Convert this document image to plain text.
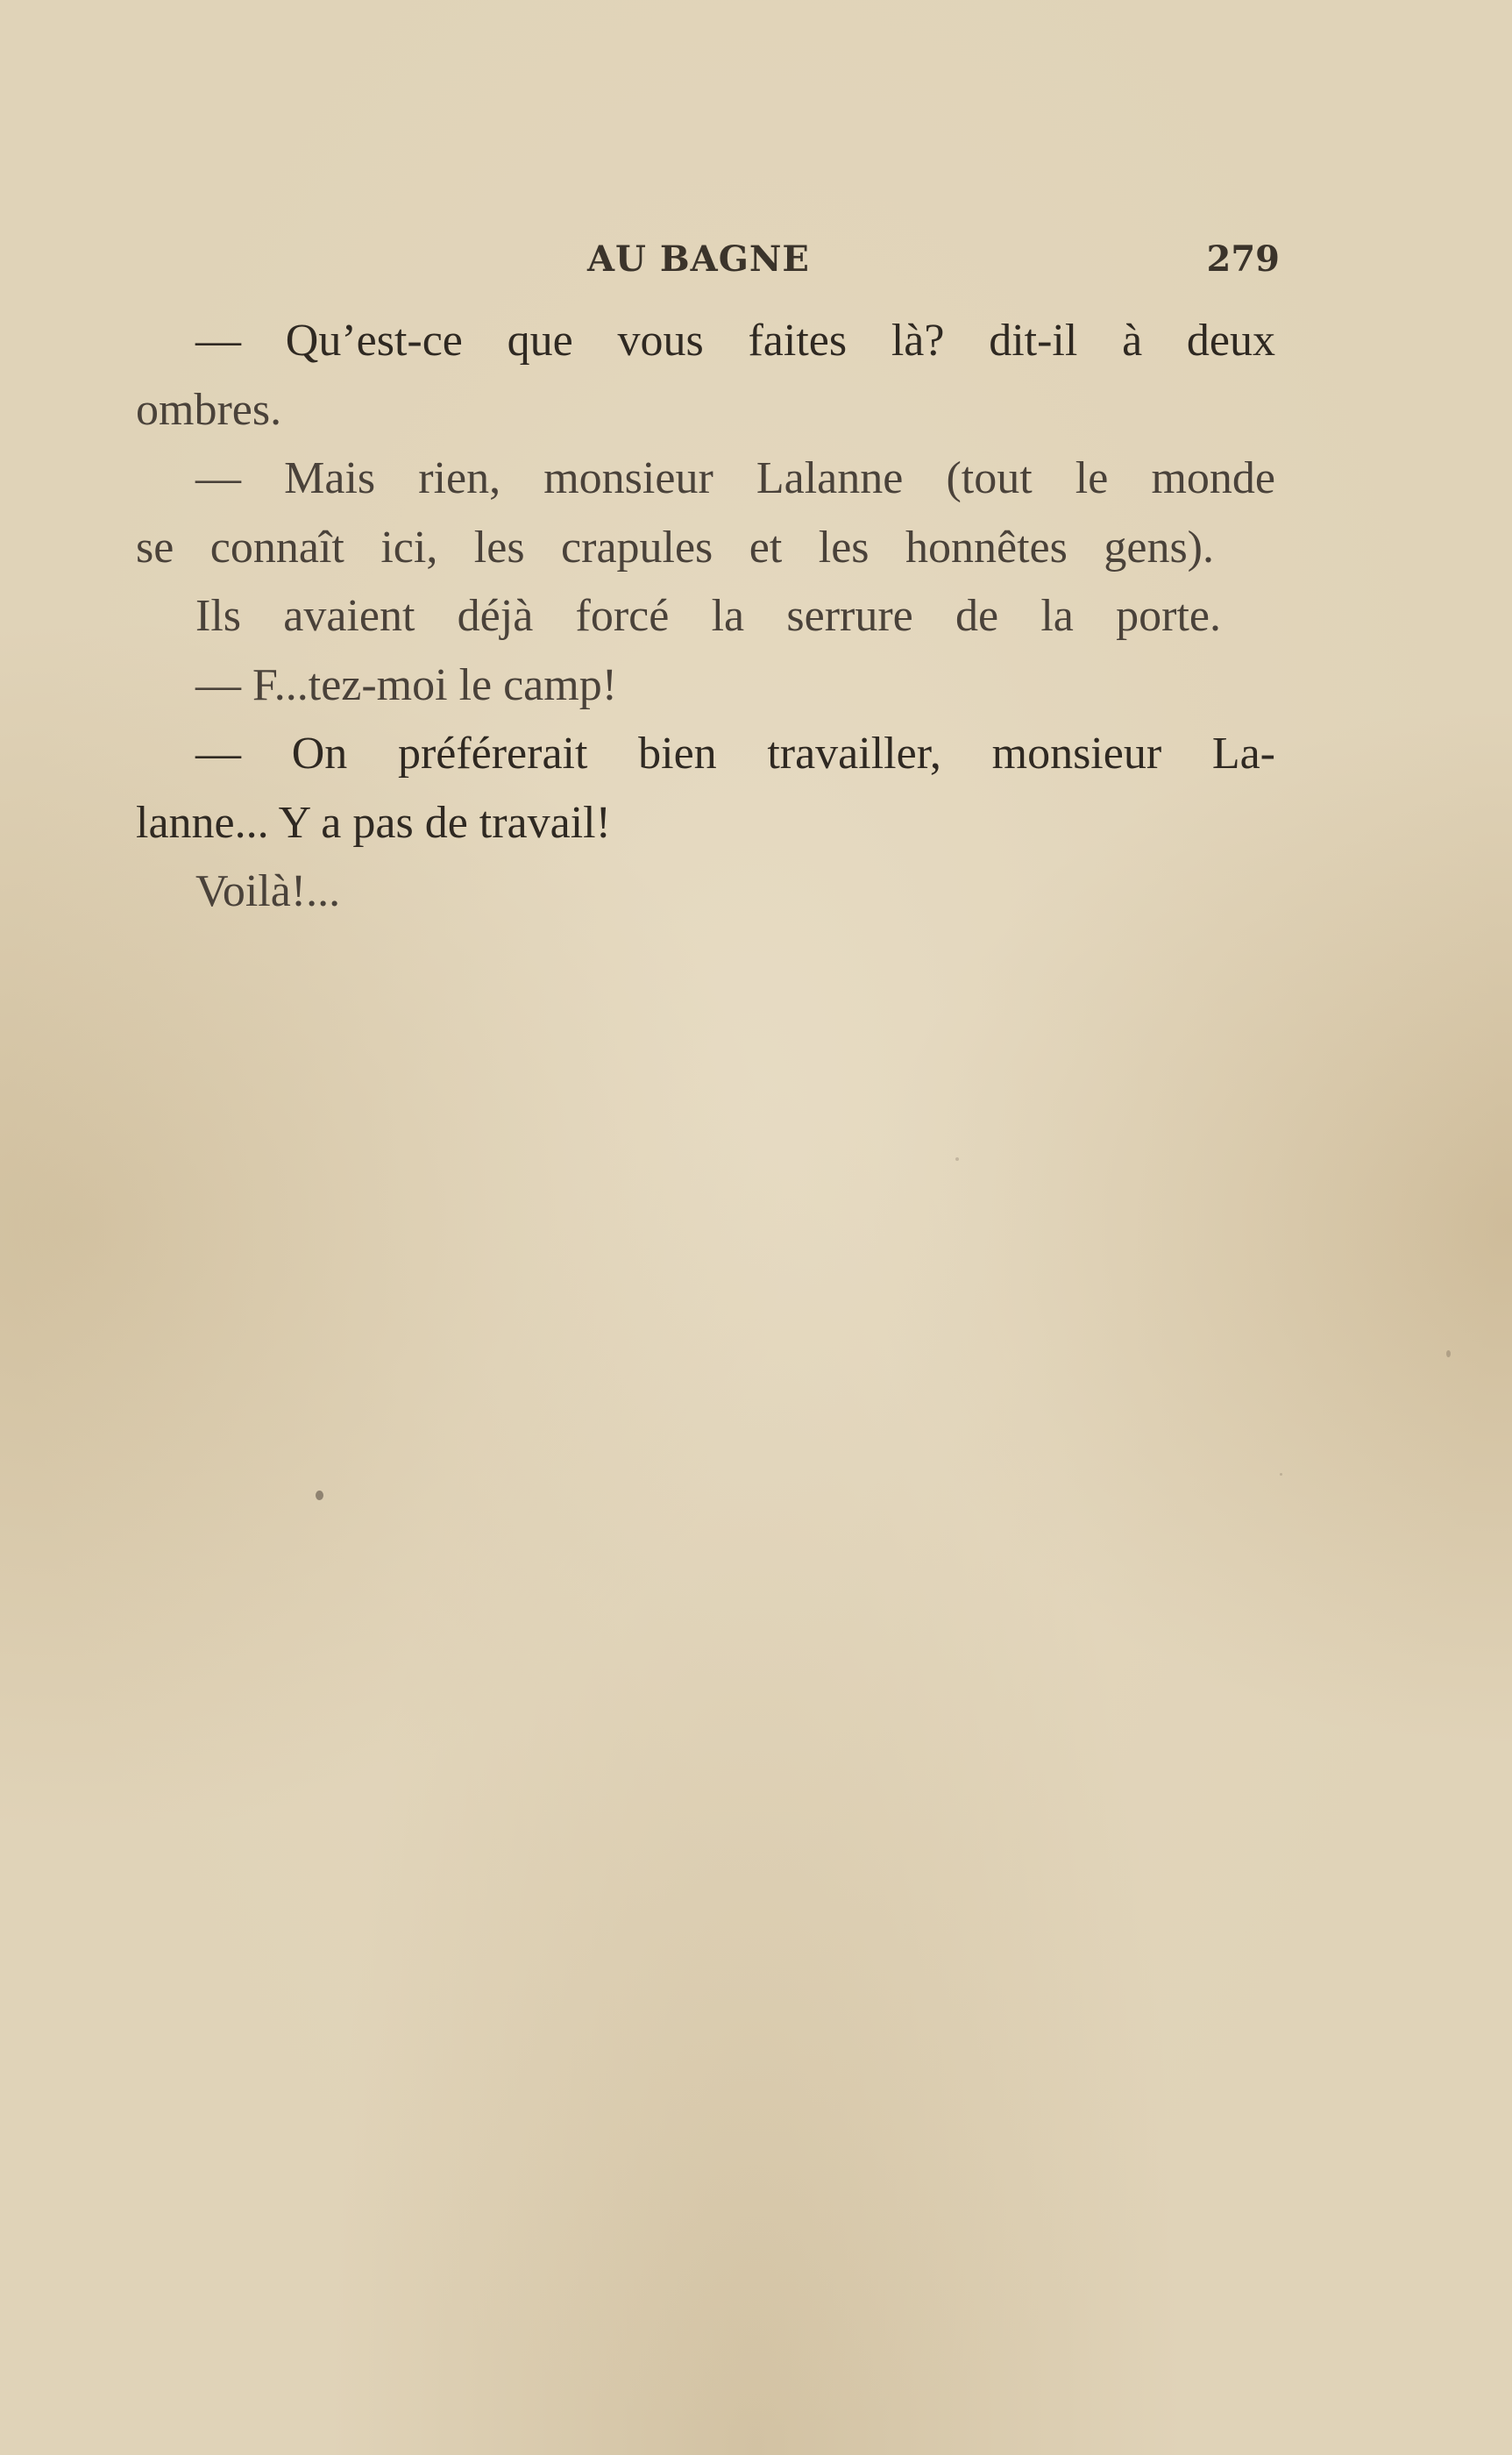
AU BAGNE	279
— Qu’est-ce que vous faites là? dit-il à deux
ombres.
— Mais rien, monsieur Lalanne (tout le monde
se connaît ici, les crapules et les honnêtes gens).
Ils avaient déjà forcé la serrure de la porte.
— F...tez-moi le camp!
— On préférerait bien travailler, monsieur La-
lanne... Y a pas de travail!
Voilà!...
